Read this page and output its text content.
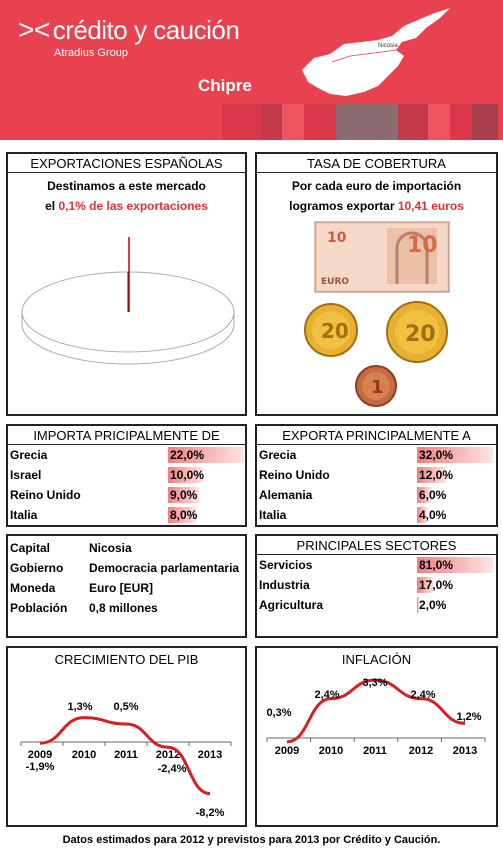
>< crédito y caución
Atradius Group
Chipre
Nicosia
EXPORTACIONES ESPAÑOLAS
Destinamos a este mercado
el 0,1% de las exportaciones
TASA DE COBERTURA
Por cada euro de importación
logramos exportar 10,41 euros
10
EURO
10
20	20
1
IMPORTA PRICIPALMENTE DE
Grecia	22,0%
Israel	10,0%
Reino Unido	9,0%
Italia	8,0%
EXPORTA PRINCIPALMENTE A
Grecia	32,0%
Reino Unido	12,0%
Alemania	6,0%
Italia	4,0%
Capital	Nicosia
Gobierno Democracia parlamentaria
Moneda	Euro [EUR]
Población 0,8 millones
PRINCIPALES SECTORES
Servicios	81,0%
Industria	17,0%
Agricultura	2,0%
CRECIMIENTO DEL PIB
2009 2010 2011 2012 2013
-1,9%
1,3% 0,5%
-2,4%
-8,2%
INFLACIÓN
2009 2010 2011 2012 2013
0,3%
2,4%
3,3%
2,4%
1,2%
Datos estimados para 2012 y previstos para 2013 por Crédito y Caución.
